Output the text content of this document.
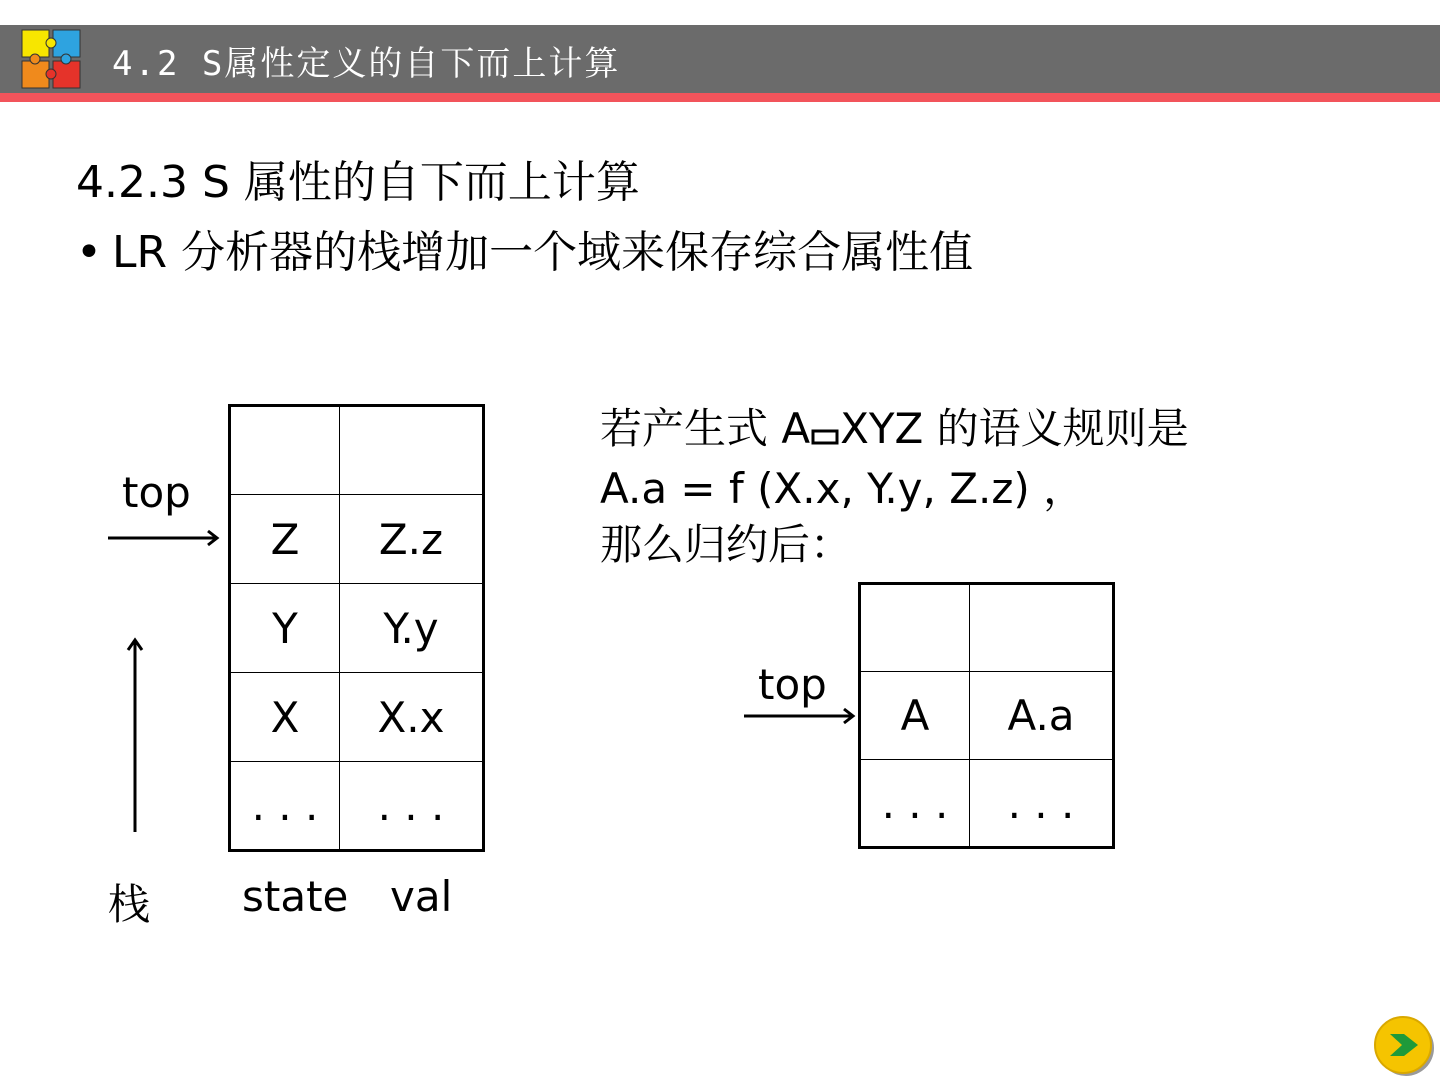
4.2 S属性定义的自下而上计算
4.2.3 S 属性的自下而上计算
• LR 分析器的栈增加一个域来保存综合属性值
top

Z	Z.z
Y	Y.y
X	X.x
. . .	. . .
栈 state val
若产生式 A XYZ 的语义规则是
A.a = f (X.x, Y.y, Z.z) ，
那么归约后：
top

A	A.a
. . .	. . .
